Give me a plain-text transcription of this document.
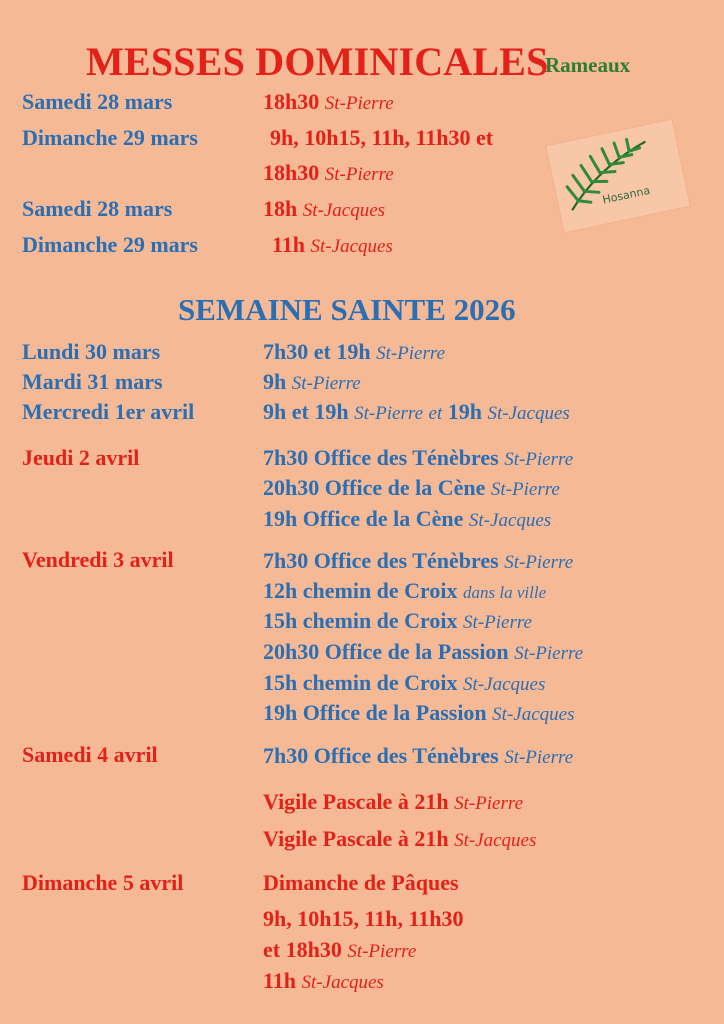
MESSES DOMINICALES
Rameaux
Samedi 28 mars	18h30 St-Pierre
Dimanche 29 mars	9h, 10h15, 11h, 11h30 et
18h30 St-Pierre
Samedi 28 mars	18h St-Jacques
Dimanche 29 mars	11h St-Jacques
Hosanna
SEMAINE SAINTE 2026
Lundi 30 mars	7h30 et 19h St-Pierre
Mardi 31 mars	9h St-Pierre
Mercredi 1er avril	9h et 19h St-Pierre et 19h St-Jacques
Jeudi 2 avril	7h30 Office des Ténèbres St-Pierre
20h30 Office de la Cène St-Pierre
19h Office de la Cène St-Jacques
Vendredi 3 avril	7h30 Office des Ténèbres St-Pierre
12h chemin de Croix dans la ville
15h chemin de Croix St-Pierre
20h30 Office de la Passion St-Pierre
15h chemin de Croix St-Jacques
19h Office de la Passion St-Jacques
Samedi 4 avril	7h30 Office des Ténèbres St-Pierre
Vigile Pascale à 21h St-Pierre
Vigile Pascale à 21h St-Jacques
Dimanche 5 avril	Dimanche de Pâques
9h, 10h15, 11h, 11h30
et 18h30 St-Pierre
11h St-Jacques
